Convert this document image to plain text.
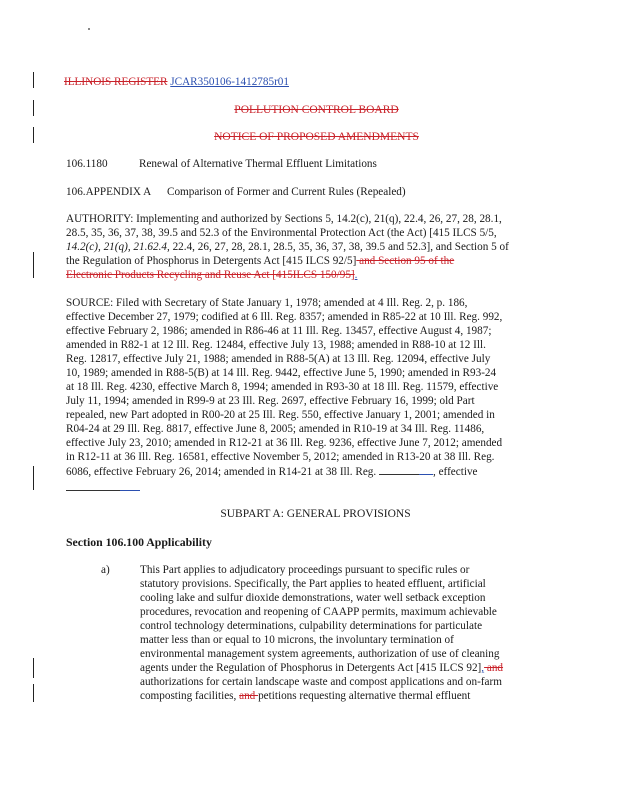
ILLINOIS REGISTER JCAR350106-1412785r01
POLLUTION CONTROL BOARD
NOTICE OF PROPOSED AMENDMENTS
106.1180	Renewal of Alternative Thermal Effluent Limitations
106.APPENDIX A Comparison of Former and Current Rules (Repealed)
AUTHORITY: Implementing and authorized by Sections 5, 14.2(c), 21(q), 22.4, 26, 27, 28, 28.1,
28.5, 35, 36, 37, 38, 39.5 and 52.3 of the Environmental Protection Act (the Act) [415 ILCS 5/5,
14.2(c), 21(q), 21.62.4, 22.4, 26, 27, 28, 28.1, 28.5, 35, 36, 37, 38, 39.5 and 52.3], and Section 5 of
the Regulation of Phosphorus in Detergents Act [415 ILCS 92/5] and Section 95 of the
Electronic Products Recycling and Reuse Act [415ILCS 150/95].
SOURCE: Filed with Secretary of State January 1, 1978; amended at 4 Ill. Reg. 2, p. 186,
effective December 27, 1979; codified at 6 Ill. Reg. 8357; amended in R85-22 at 10 Ill. Reg. 992,
effective February 2, 1986; amended in R86-46 at 11 Ill. Reg. 13457, effective August 4, 1987;
amended in R82-1 at 12 Ill. Reg. 12484, effective July 13, 1988; amended in R88-10 at 12 Ill.
Reg. 12817, effective July 21, 1988; amended in R88-5(A) at 13 Ill. Reg. 12094, effective July
10, 1989; amended in R88-5(B) at 14 Ill. Reg. 9442, effective June 5, 1990; amended in R93-24
at 18 Ill. Reg. 4230, effective March 8, 1994; amended in R93-30 at 18 Ill. Reg. 11579, effective
July 11, 1994; amended in R99-9 at 23 Ill. Reg. 2697, effective February 16, 1999; old Part
repealed, new Part adopted in R00-20 at 25 Ill. Reg. 550, effective January 1, 2001; amended in
R04-24 at 29 Ill. Reg. 8817, effective June 8, 2005; amended in R10-19 at 34 Ill. Reg. 11486,
effective July 23, 2010; amended in R12-21 at 36 Ill. Reg. 9236, effective June 7, 2012; amended
in R12-11 at 36 Ill. Reg. 16581, effective November 5, 2012; amended in R13-20 at 38 Ill. Reg.
6086, effective February 26, 2014; amended in R14-21 at 38 Ill. Reg.	, effective
SUBPART A: GENERAL PROVISIONS
Section 106.100 Applicability
a)	This Part applies to adjudicatory proceedings pursuant to specific rules or
statutory provisions. Specifically, the Part applies to heated effluent, artificial
cooling lake and sulfur dioxide demonstrations, water well setback exception
procedures, revocation and reopening of CAAPP permits, maximum achievable
control technology determinations, culpability determinations for particulate
matter less than or equal to 10 microns, the involuntary termination of
environmental management system agreements, authorization of use of cleaning
agents under the Regulation of Phosphorus in Detergents Act [415 ILCS 92], and
authorizations for certain landscape waste and compost applications and on-farm
composting facilities, and petitions requesting alternative thermal effluent
